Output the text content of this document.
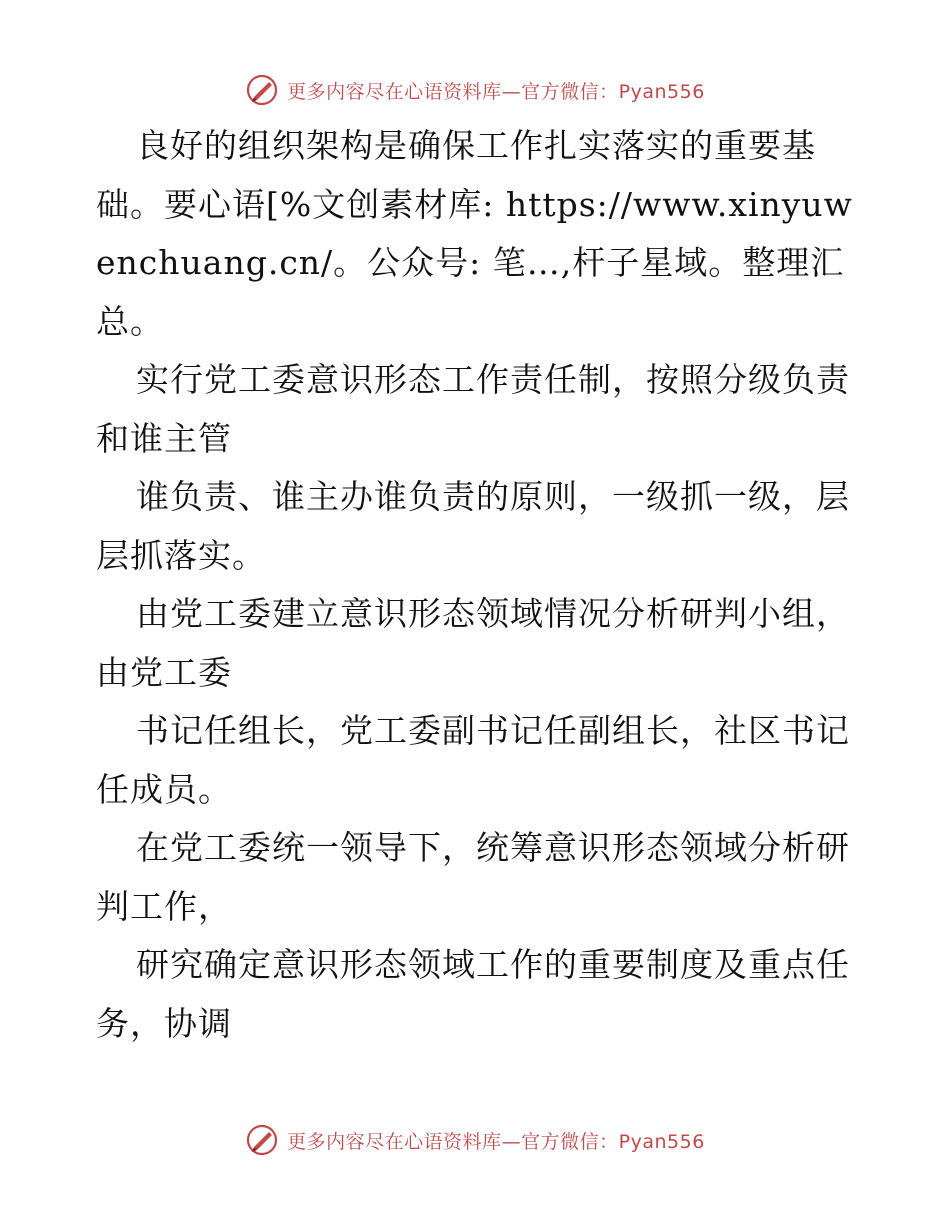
更多内容尽在心语资料库—官方微信：Pyan556

良好的组织架构是确保工作扎实落实的重要基础。要心语[%文创素材库: https://www.xinyuwenchuang.cn/。公众号: 笔…,杆子星域。整理汇总。

实行党工委意识形态工作责任制，按照分级负责和谁主管

谁负责、谁主办谁负责的原则，一级抓一级，层层抓落实。

由党工委建立意识形态领域情况分析研判小组，由党工委

书记任组长，党工委副书记任副组长，社区书记任成员。

在党工委统一领导下，统筹意识形态领域分析研判工作，

研究确定意识形态领域工作的重要制度及重点任务，协调

更多内容尽在心语资料库—官方微信：Pyan556
